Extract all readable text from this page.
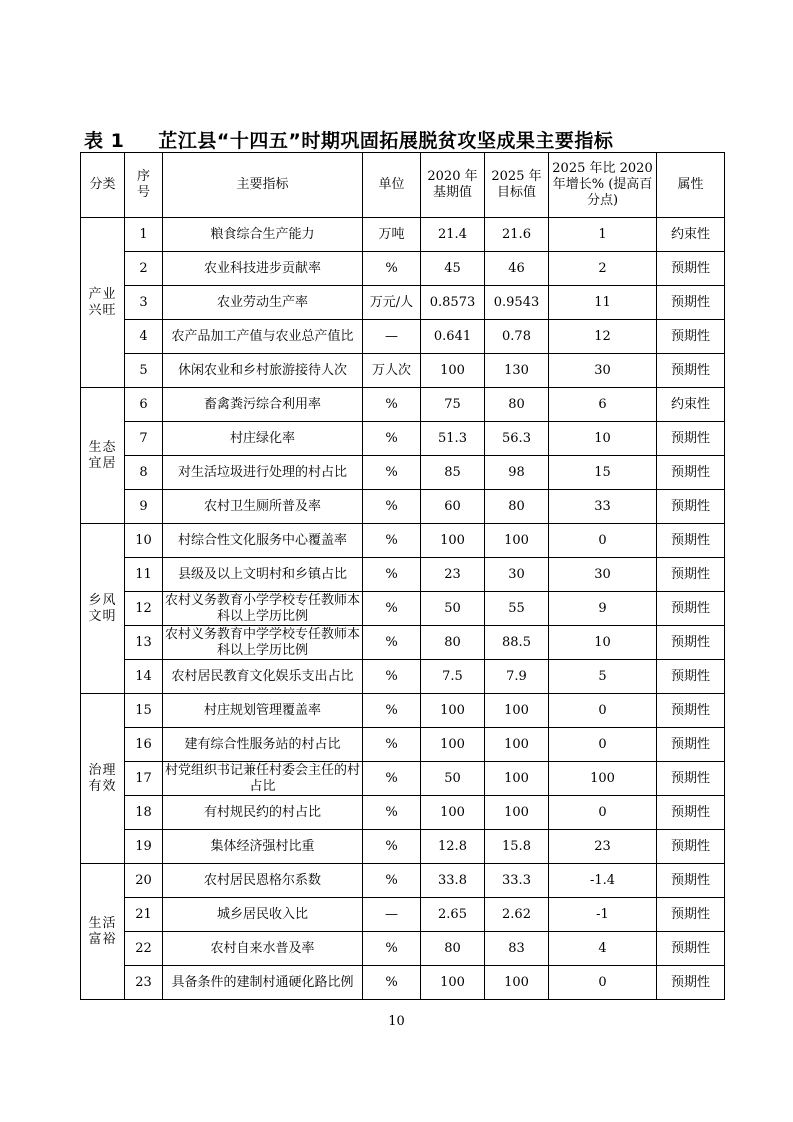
表 1 芷江县“十四五”时期巩固拓展脱贫攻坚成果主要指标
分类	序号	主要指标	单位	2020 年基期值	2025 年目标值	2025 年比 2020 年增长% (提高百分点)	属性
产业兴旺	1	粮食综合生产能力	万吨	21.4	21.6	1	约束性
	2	农业科技进步贡献率	%	45	46	2	预期性
	3	农业劳动生产率	万元/人	0.8573	0.9543	11	预期性
	4	农产品加工产值与农业总产值比	—	0.641	0.78	12	预期性
	5	休闲农业和乡村旅游接待人次	万人次	100	130	30	预期性
生态宜居	6	畜禽粪污综合利用率	%	75	80	6	约束性
	7	村庄绿化率	%	51.3	56.3	10	预期性
	8	对生活垃圾进行处理的村占比	%	85	98	15	预期性
	9	农村卫生厕所普及率	%	60	80	33	预期性
乡风文明	10	村综合性文化服务中心覆盖率	%	100	100	0	预期性
	11	县级及以上文明村和乡镇占比	%	23	30	30	预期性
	12	农村义务教育小学学校专任教师本科以上学历比例	%	50	55	9	预期性
	13	农村义务教育中学学校专任教师本科以上学历比例	%	80	88.5	10	预期性
	14	农村居民教育文化娱乐支出占比	%	7.5	7.9	5	预期性
治理有效	15	村庄规划管理覆盖率	%	100	100	0	预期性
	16	建有综合性服务站的村占比	%	100	100	0	预期性
	17	村党组织书记兼任村委会主任的村占比	%	50	100	100	预期性
	18	有村规民约的村占比	%	100	100	0	预期性
	19	集体经济强村比重	%	12.8	15.8	23	预期性
生活富裕	20	农村居民恩格尔系数	%	33.8	33.3	-1.4	预期性
	21	城乡居民收入比	—	2.65	2.62	-1	预期性
	22	农村自来水普及率	%	80	83	4	预期性
	23	具备条件的建制村通硬化路比例	%	100	100	0	预期性
10
